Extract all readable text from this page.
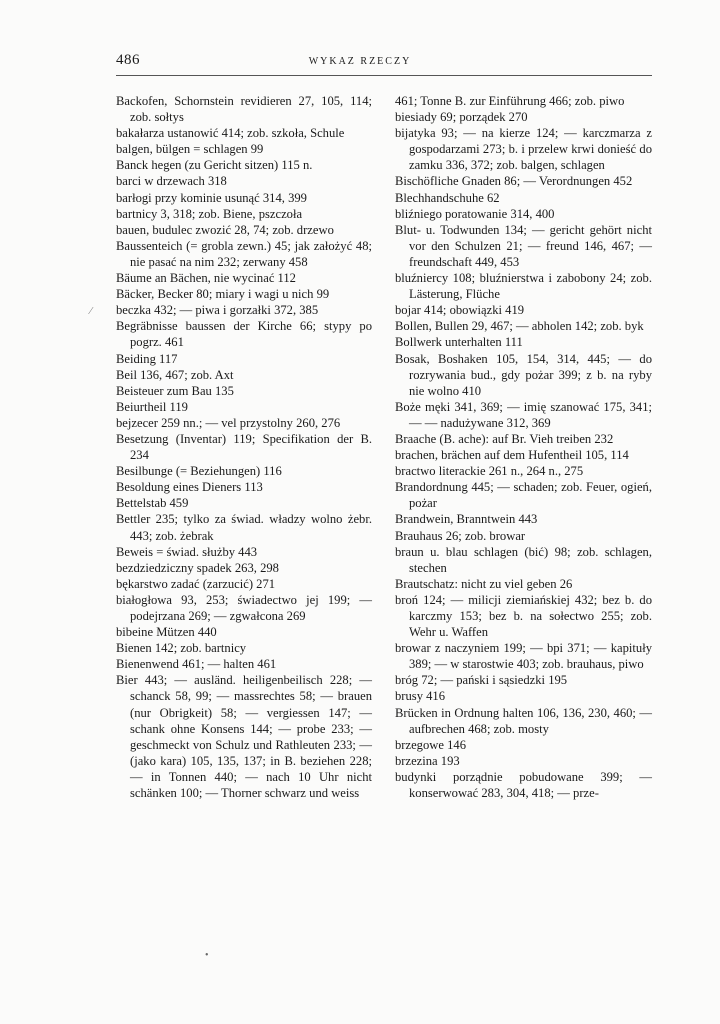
486	WYKAZ RZECZY
Backofen, Schornstein revidieren 27, 105, 114; zob. sołtys
bakałarza ustanowić 414; zob. szkoła, Schule
balgen, bülgen = schlagen 99
Banck hegen (zu Gericht sitzen) 115 n.
barci w drzewach 318
barłogi przy kominie usunąć 314, 399
bartnicy 3, 318; zob. Biene, pszczoła
bauen, budulec zwozić 28, 74; zob. drzewo
Baussenteich (= grobla zewn.) 45; jak założyć 48; nie pasać na nim 232; zerwany 458
Bäume an Bächen, nie wycinać 112
Bäcker, Becker 80; miary i wagi u nich 99
beczka 432; — piwa i gorzałki 372, 385
Begräbnisse baussen der Kirche 66; stypy po pogrz. 461
Beiding 117
Beil 136, 467; zob. Axt
Beisteuer zum Bau 135
Beiurtheil 119
bejzecer 259 nn.; — vel przystolny 260, 276
Besetzung (Inventar) 119; Specifikation der B. 234
Besilbunge (= Beziehungen) 116
Besoldung eines Dieners 113
Bettelstab 459
Bettler 235; tylko za świad. władzy wolno żebr. 443; zob. żebrak
Beweis = świad. służby 443
bezdziedziczny spadek 263, 298
bękarstwo zadać (zarzucić) 271
białogłowa 93, 253; świadectwo jej 199; — podejrzana 269; — zgwałcona 269
bibeine Mützen 440
Bienen 142; zob. bartnicy
Bienenwend 461; — halten 461
Bier 443; — ausländ. heiligenbeilisch 228; — schanck 58, 99; — massrechtes 58; — brauen (nur Obrigkeit) 58; — vergiessen 147; — schank ohne Konsens 144; — probe 233; — geschmeckt von Schulz und Rathleuten 233; — (jako kara) 105, 135, 137; in B. beziehen 228; — in Tonnen 440; — nach 10 Uhr nicht schänken 100; — Thorner schwarz und weiss
461; Tonne B. zur Einführung 466; zob. piwo
biesiady 69; porządek 270
bijatyka 93; — na kierze 124; — karczmarza z gospodarzami 273; b. i przelew krwi donieść do zamku 336, 372; zob. balgen, schlagen
Bischöfliche Gnaden 86; — Verordnungen 452
Blechhandschuhe 62
bliźniego poratowanie 314, 400
Blut- u. Todwunden 134; — gericht gehört nicht vor den Schulzen 21; — freund 146, 467; — freundschaft 449, 453
bluźniercy 108; bluźnierstwa i zabobony 24; zob. Lästerung, Flüche
bojar 414; obowiązki 419
Bollen, Bullen 29, 467; — abholen 142; zob. byk
Bollwerk unterhalten 111
Bosak, Boshaken 105, 154, 314, 445; — do rozrywania bud., gdy pożar 399; z b. na ryby nie wolno 410
Boże męki 341, 369; — imię szanować 175, 341; — — nadużywane 312, 369
Braache (B. ache): auf Br. Vieh treiben 232
brachen, brächen auf dem Hufentheil 105, 114
bractwo literackie 261 n., 264 n., 275
Brandordnung 445; — schaden; zob. Feuer, ogień, pożar
Brandwein, Branntwein 443
Brauhaus 26; zob. browar
braun u. blau schlagen (bić) 98; zob. schlagen, stechen
Brautschatz: nicht zu viel geben 26
broń 124; — milicji ziemiańskiej 432; bez b. do karczmy 153; bez b. na sołectwo 255; zob. Wehr u. Waffen
browar z naczyniem 199; — bpi 371; — kapituły 389; — w starostwie 403; zob. brauhaus, piwo
bróg 72; — pański i sąsiedzki 195
brusy 416
Brücken in Ordnung halten 106, 136, 230, 460; — aufbrechen 468; zob. mosty
brzegowe 146
brzezina 193
budynki porządnie pobudowane 399; — konserwować 283, 304, 418; — prze-
⁄
•
